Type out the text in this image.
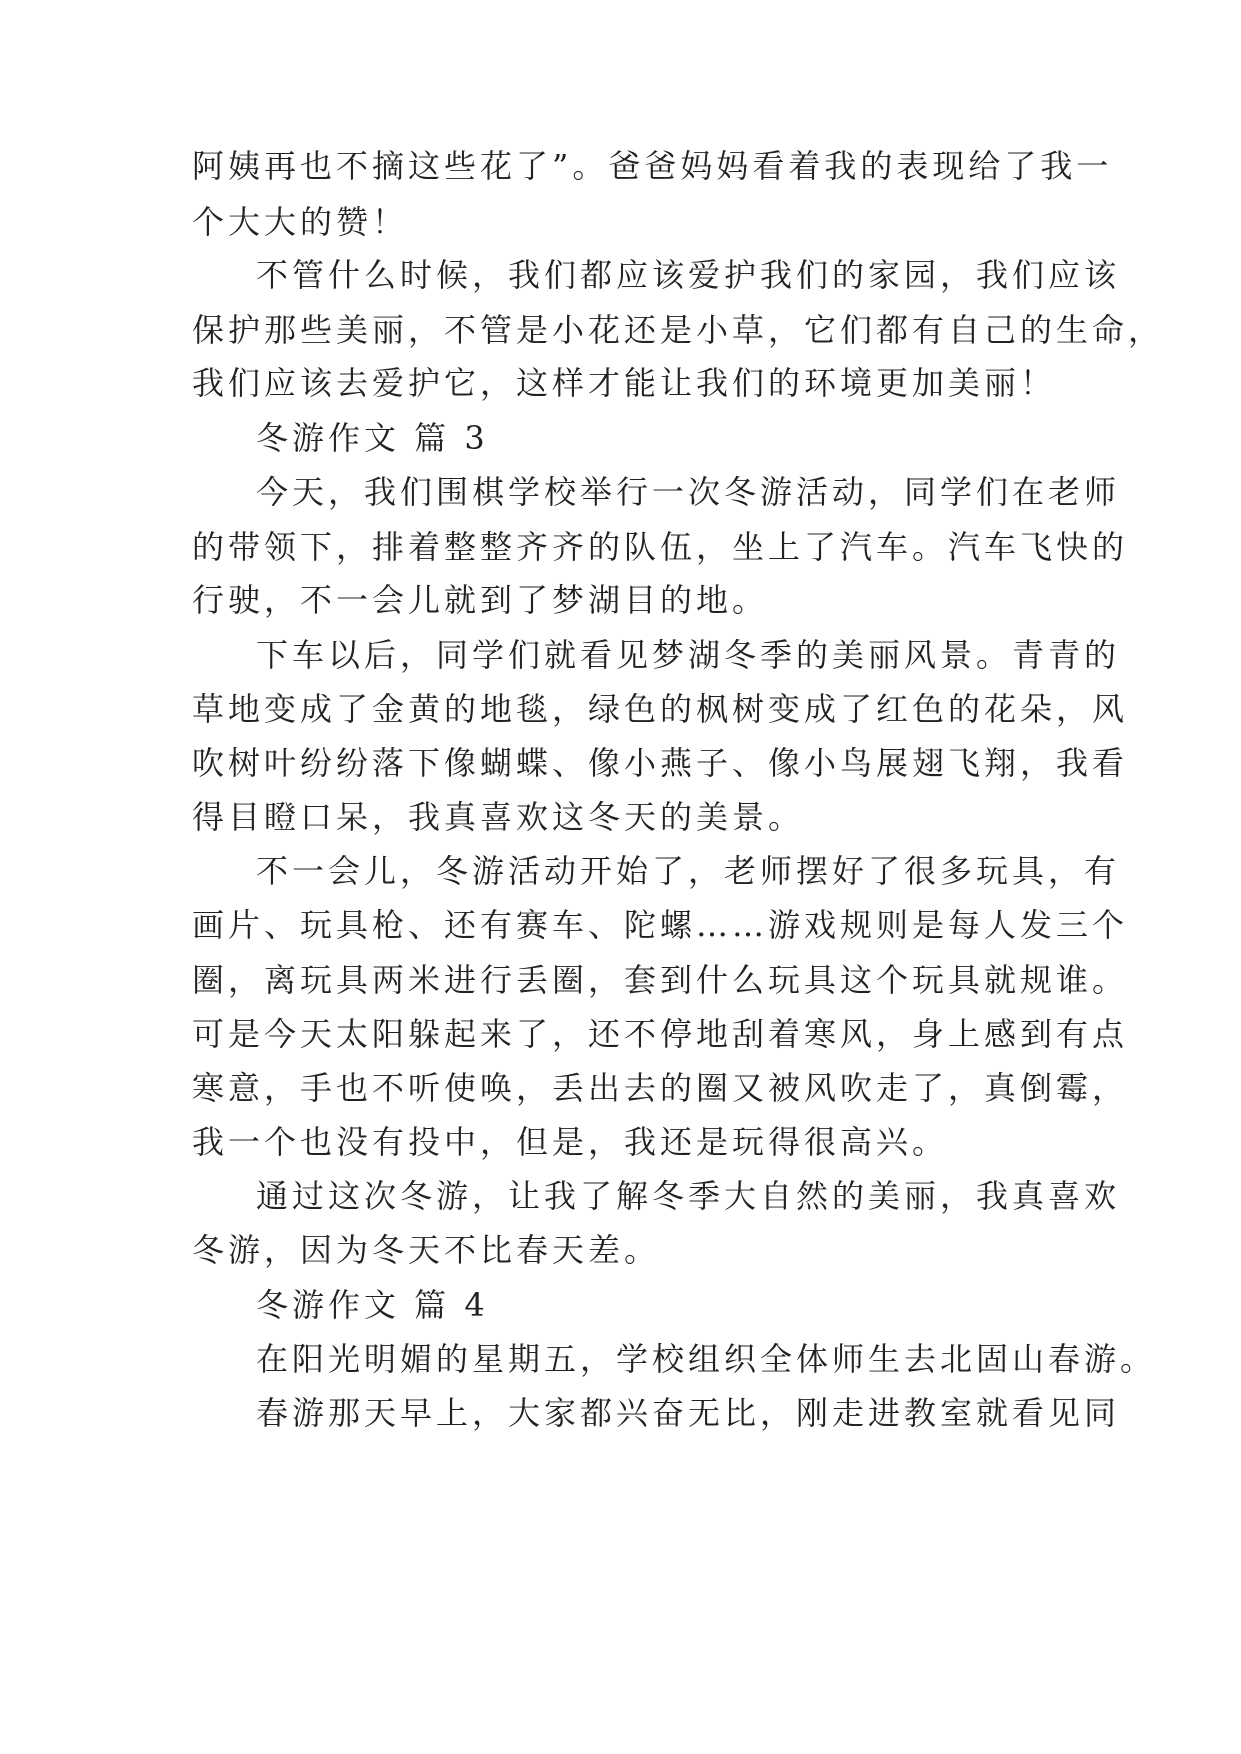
阿姨再也不摘这些花了”。爸爸妈妈看着我的表现给了我一
个大大的赞！
不管什么时候，我们都应该爱护我们的家园，我们应该
保护那些美丽，不管是小花还是小草，它们都有自己的生命，
我们应该去爱护它，这样才能让我们的环境更加美丽！
冬游作文 篇 3
今天，我们围棋学校举行一次冬游活动，同学们在老师
的带领下，排着整整齐齐的队伍，坐上了汽车。汽车飞快的
行驶，不一会儿就到了梦湖目的地。
下车以后，同学们就看见梦湖冬季的美丽风景。青青的
草地变成了金黄的地毯，绿色的枫树变成了红色的花朵，风
吹树叶纷纷落下像蝴蝶、像小燕子、像小鸟展翅飞翔，我看
得目瞪口呆，我真喜欢这冬天的美景。
不一会儿，冬游活动开始了，老师摆好了很多玩具，有
画片、玩具枪、还有赛车、陀螺……游戏规则是每人发三个
圈，离玩具两米进行丢圈，套到什么玩具这个玩具就规谁。
可是今天太阳躲起来了，还不停地刮着寒风，身上感到有点
寒意，手也不听使唤，丢出去的圈又被风吹走了，真倒霉，
我一个也没有投中，但是，我还是玩得很高兴。
通过这次冬游，让我了解冬季大自然的美丽，我真喜欢
冬游，因为冬天不比春天差。
冬游作文 篇 4
在阳光明媚的星期五，学校组织全体师生去北固山春游。
春游那天早上，大家都兴奋无比，刚走进教室就看见同
